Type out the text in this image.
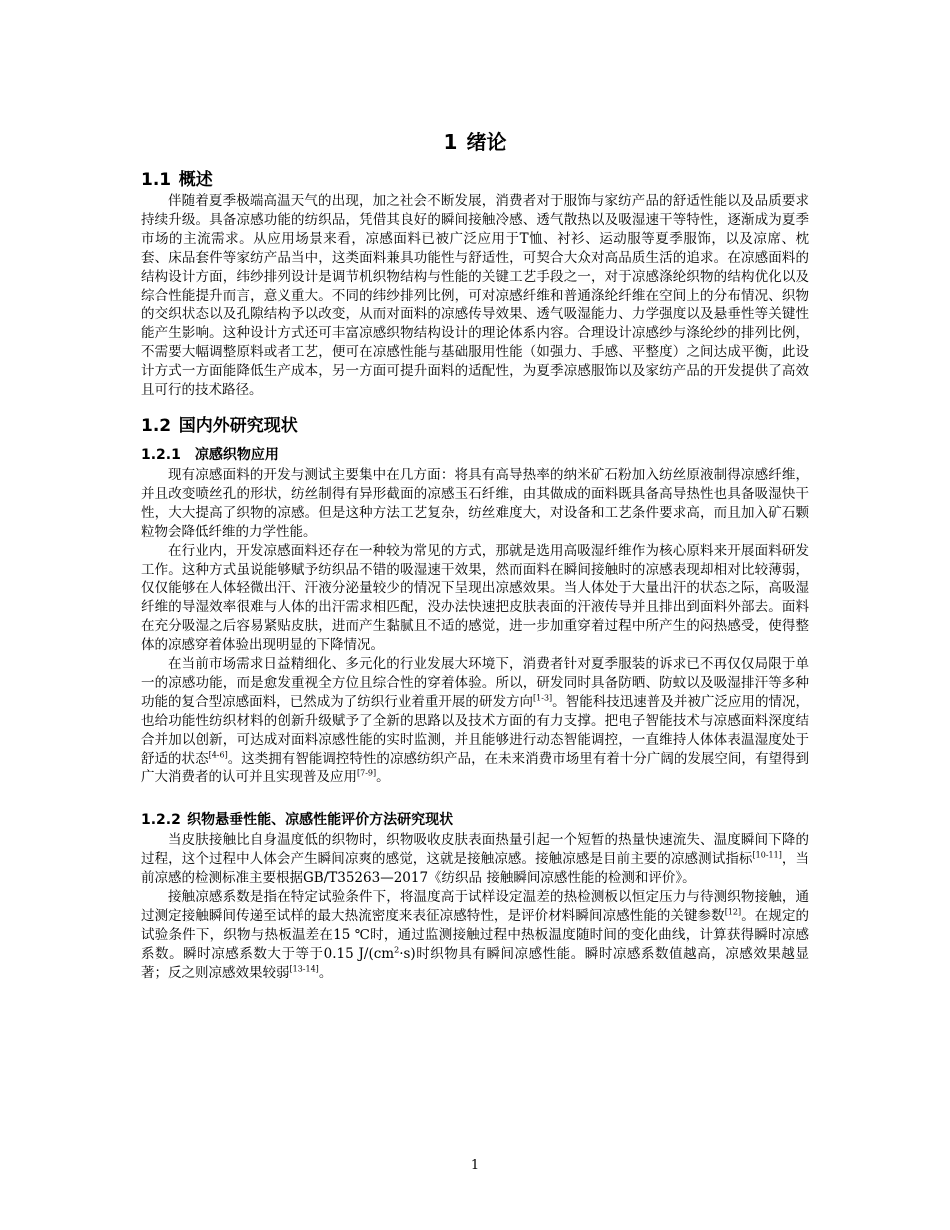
1 绪论
1.1 概述

伴随着夏季极端高温天气的出现，加之社会不断发展，消费者对于服饰与家纺产品的舒适性能以及品质要求持续升级。具备凉感功能的纺织品，凭借其良好的瞬间接触冷感、透气散热以及吸湿速干等特性，逐渐成为夏季市场的主流需求。从应用场景来看，凉感面料已被广泛应用于T恤、衬衫、运动服等夏季服饰，以及凉席、枕套、床品套件等家纺产品当中，这类面料兼具功能性与舒适性，可契合大众对高品质生活的追求。在凉感面料的结构设计方面，纬纱排列设计是调节机织物结构与性能的关键工艺手段之一，对于凉感涤纶织物的结构优化以及综合性能提升而言，意义重大。不同的纬纱排列比例，可对凉感纤维和普通涤纶纤维在空间上的分布情况、织物的交织状态以及孔隙结构予以改变，从而对面料的凉感传导效果、透气吸湿能力、力学强度以及悬垂性等关键性能产生影响。这种设计方式还可丰富凉感织物结构设计的理论体系内容。合理设计凉感纱与涤纶纱的排列比例，不需要大幅调整原料或者工艺，便可在凉感性能与基础服用性能（如强力、手感、平整度）之间达成平衡，此设计方式一方面能降低生产成本，另一方面可提升面料的适配性，为夏季凉感服饰以及家纺产品的开发提供了高效且可行的技术路径。

1.2 国内外研究现状
1.2.1 凉感织物应用

现有凉感面料的开发与测试主要集中在几方面：将具有高导热率的纳米矿石粉加入纺丝原液制得凉感纤维，并且改变喷丝孔的形状，纺丝制得有异形截面的凉感玉石纤维，由其做成的面料既具备高导热性也具备吸湿快干性，大大提高了织物的凉感。但是这种方法工艺复杂，纺丝难度大，对设备和工艺条件要求高，而且加入矿石颗粒物会降低纤维的力学性能。

在行业内，开发凉感面料还存在一种较为常见的方式，那就是选用高吸湿纤维作为核心原料来开展面料研发工作。这种方式虽说能够赋予纺织品不错的吸湿速干效果，然而面料在瞬间接触时的凉感表现却相对比较薄弱，仅仅能够在人体轻微出汗、汗液分泌量较少的情况下呈现出凉感效果。当人体处于大量出汗的状态之际，高吸湿纤维的导湿效率很难与人体的出汗需求相匹配，没办法快速把皮肤表面的汗液传导并且排出到面料外部去。面料在充分吸湿之后容易紧贴皮肤，进而产生黏腻且不适的感觉，进一步加重穿着过程中所产生的闷热感受，使得整体的凉感穿着体验出现明显的下降情况。

在当前市场需求日益精细化、多元化的行业发展大环境下，消费者针对夏季服装的诉求已不再仅仅局限于单一的凉感功能，而是愈发重视全方位且综合性的穿着体验。所以，研发同时具备防晒、防蚊以及吸湿排汗等多种功能的复合型凉感面料，已然成为了纺织行业着重开展的研发方向[1-3]。智能科技迅速普及并被广泛应用的情况，也给功能性纺织材料的创新升级赋予了全新的思路以及技术方面的有力支撑。把电子智能技术与凉感面料深度结合并加以创新，可达成对面料凉感性能的实时监测，并且能够进行动态智能调控，一直维持人体体表温湿度处于舒适的状态[4-6]。这类拥有智能调控特性的凉感纺织产品，在未来消费市场里有着十分广阔的发展空间，有望得到广大消费者的认可并且实现普及应用[7-9]。

1.2.2 织物悬垂性能、凉感性能评价方法研究现状

当皮肤接触比自身温度低的织物时，织物吸收皮肤表面热量引起一个短暂的热量快速流失、温度瞬间下降的过程，这个过程中人体会产生瞬间凉爽的感觉，这就是接触凉感。接触凉感是目前主要的凉感测试指标[10-11]，当前凉感的检测标准主要根据GB/T35263—2017《纺织品 接触瞬间凉感性能的检测和评价》。

接触凉感系数是指在特定试验条件下，将温度高于试样设定温差的热检测板以恒定压力与待测织物接触，通过测定接触瞬间传递至试样的最大热流密度来表征凉感特性，是评价材料瞬间凉感性能的关键参数[12]。在规定的试验条件下，织物与热板温差在15 ℃时，通过监测接触过程中热板温度随时间的变化曲线，计算获得瞬时凉感系数。瞬时凉感系数大于等于0.15 $J/(cm^2\cdot s)$时织物具有瞬间凉感性能。瞬时凉感系数值越高，凉感效果越显著；反之则凉感效果较弱[13-14]。

1
